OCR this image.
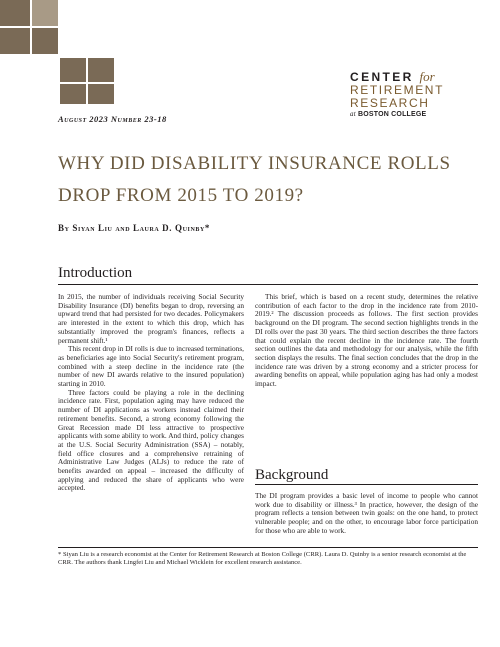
CENTER for
RETIREMENT
RESEARCH
at BOSTON COLLEGE
August 2023 Number 23-18
WHY DID DISABILITY INSURANCE ROLLS DROP FROM 2015 TO 2019?
By Siyan Liu and Laura D. Quinby*
Introduction

In 2015, the number of individuals receiving Social Security Disability Insurance (DI) benefits began to drop, reversing an upward trend that had persisted for two decades. Policymakers are interested in the extent to which this drop, which has substantially improved the program's finances, reflects a permanent shift.¹

This recent drop in DI rolls is due to increased terminations, as beneficiaries age into Social Security's retirement program, combined with a steep decline in the incidence rate (the number of new DI awards relative to the insured population) starting in 2010.

Three factors could be playing a role in the declining incidence rate. First, population aging may have reduced the number of DI applications as workers instead claimed their retirement benefits. Second, a strong economy following the Great Recession made DI less attractive to prospective applicants with some ability to work. And third, policy changes at the U.S. Social Security Administration (SSA) – notably, field office closures and a comprehensive retraining of Administrative Law Judges (ALJs) to reduce the rate of benefits awarded on appeal – increased the difficulty of applying and reduced the share of applicants who were accepted.

This brief, which is based on a recent study, determines the relative contribution of each factor to the drop in the incidence rate from 2010-2019.² The discussion proceeds as follows. The first section provides background on the DI program. The second section highlights trends in the DI rolls over the past 30 years. The third section describes the three factors that could explain the recent decline in the incidence rate. The fourth section outlines the data and methodology for our analysis, while the fifth section displays the results. The final section concludes that the drop in the incidence rate was driven by a strong economy and a stricter process for awarding benefits on appeal, while population aging has had only a modest impact.

Background

The DI program provides a basic level of income to people who cannot work due to disability or illness.³ In practice, however, the design of the program reflects a tension between twin goals: on the one hand, to protect vulnerable people; and on the other, to encourage labor force participation for those who are able to work.

* Siyan Liu is a research economist at the Center for Retirement Research at Boston College (CRR). Laura D. Quinby is a senior research economist at the CRR. The authors thank Lingfei Liu and Michael Wicklein for excellent research assistance.
